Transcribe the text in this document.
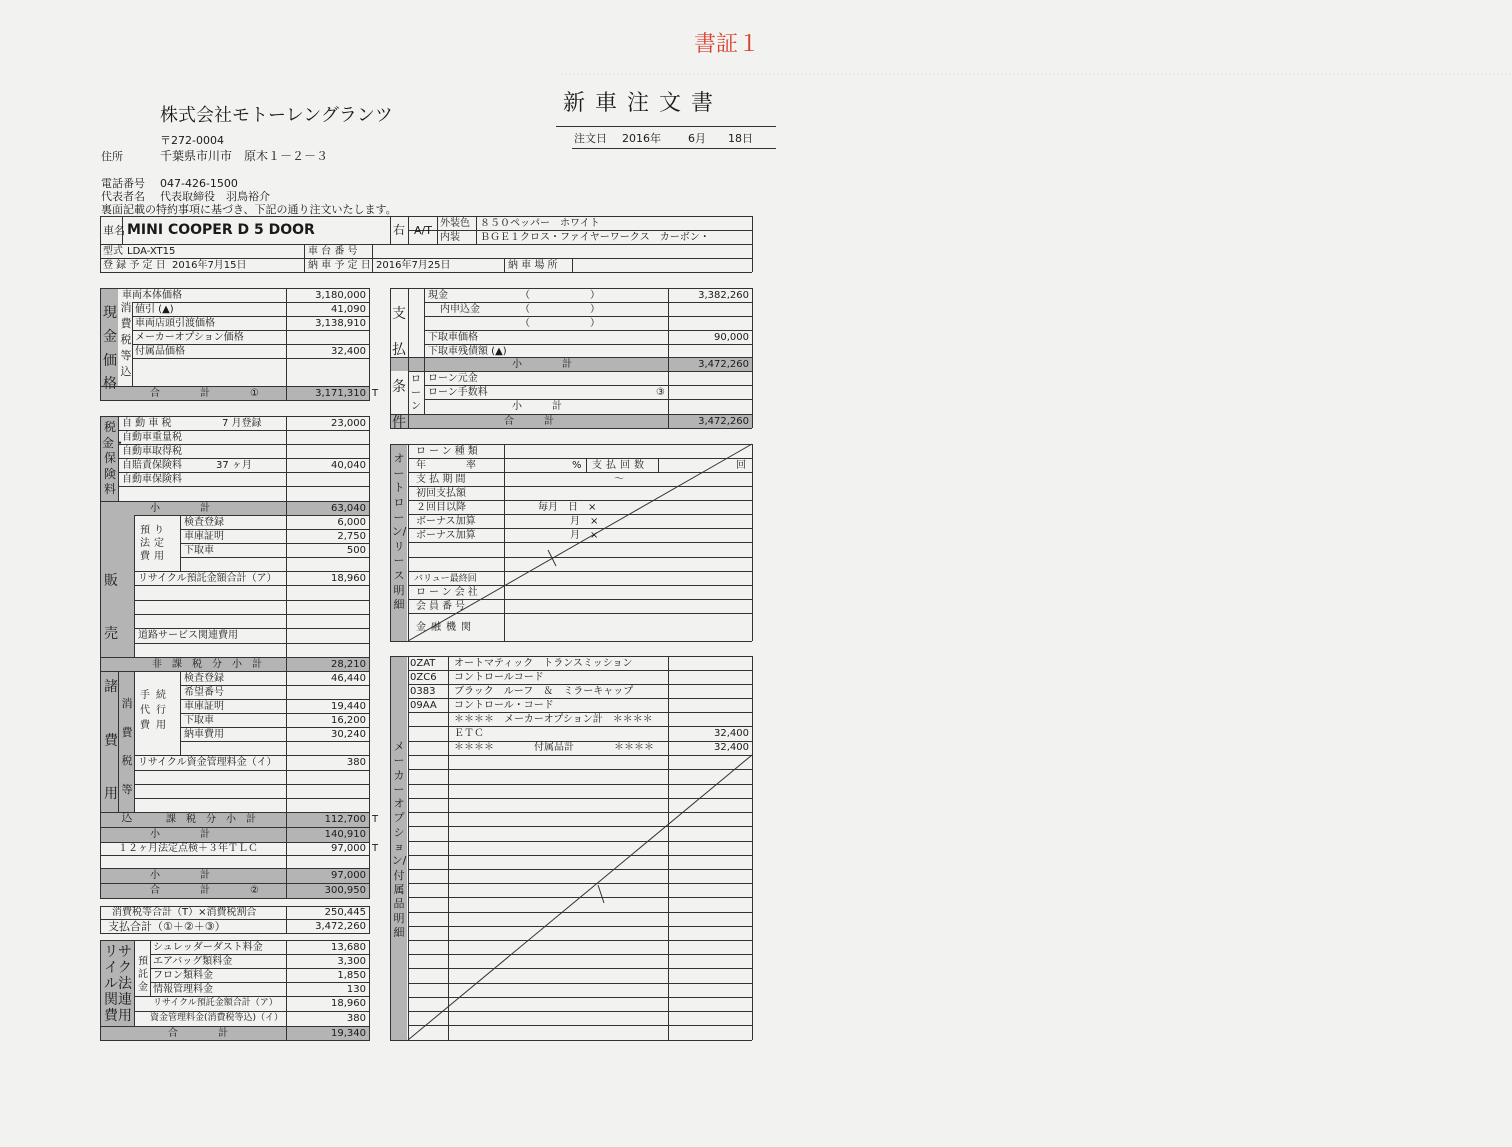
･･････････････････････････････････････････････････････････････････････････････････････････････････････････････････････････････････････････････････････････････････････････････････････････････････････････････････････････････････････････････
書証１
株式会社モトーレングランツ	新車注文書
〒272-0004	注文日 2016年 6月 18日
住所	千葉県市川市　原木１－２－３
電話番号 047-426-1500
代表者名 代表取締役　羽鳥裕介
裏面記載の特約事項に基づき、下記の通り注文いたします。
車名 MINI COOPER D 5 DOOR	右 A/T
外装色 ８５０ペッパー　ホワイト
内装 ＢＧＥ１クロス・ファイヤーワークス　カーボン・
型式 LDA-XT15	車 台 番 号
登 録 予 定 日 2016年7月15日	納 車 予 定 日 2016年7月25日	納 車 場 所
現金価格
消費税等込
車両本体価格	3,180,000
値引 (▲)	41,090
車両店頭引渡価格	3,138,910
メーカーオプション価格
付属品価格	32,400
合　　　　計　　　　①	3,171,310 T
税金・保険料
自 動 車 税	7 月登録	23,000
自動車重量税
自動車取得税
自賠責保険料	37 ヶ月	40,040
自動車保険料
小　　　　計	63,040
販売諸費用
預り法定費用
検査登録	6,000
車庫証明	2,750
下取車	500
リサイクル預託金額合計（ア）	18,960
道路サービス関連費用
非　課　税　分　小　計	28,210
消費税等込
手続代行費用
検査登録	46,440
希望番号
車庫証明	19,440
下取車	16,200
納車費用	30,240
リサイクル資金管理料金（イ）	380
課　税　分　小　計	112,700 T
小　　　　計	140,910
１２ヶ月法定点検＋３年ＴＬＣ	97,000 T
小　　　　計	97,000
合　　　　計　　　　②	300,950
消費税等合計（T）×消費税割合	250,445
支払合計（①＋②＋③）	3,472,260
リサイクル法関連費用
預託金
シュレッダーダスト料金	13,680
エアバッグ類料金	3,300
フロン類料金	1,850
情報管理料金	130
リサイクル預託金額合計（ア）	18,960
資金管理料金(消費税等込)（イ）	380
合　　　　計	19,340
支払条件
現金	（　　　　　　）	3,382,260
内申込金	（　　　　　　）
（　　　　　　）
下取車価格	90,000
下取車残債額 (▲)
小　　　　計	3,472,260
ローン
ローン元金
ローン手数料	③
小　　　計
合　　　計	3,472,260
オートローン/リース明細
ローン種類
年　　　　率	% 支払回数	回
支 払 期 間	〜
初回支払額
２回目以降	毎月　日　×
ボーナス加算	月　×
ボーナス加算	月　×
バリュー最終回
ローン会社
会員番号
金融機関
メーカーオプション/付属品明細
0ZAT オートマティック　トランスミッション
0ZC6 コントロールコード
0383 ブラック　ルーフ　＆　ミラーキャップ
09AA コントロール・コード
＊＊＊＊　メーカーオプション計　＊＊＊＊
ＥＴＣ	32,400
＊＊＊＊　　　　付属品計　　　　＊＊＊＊	32,400
